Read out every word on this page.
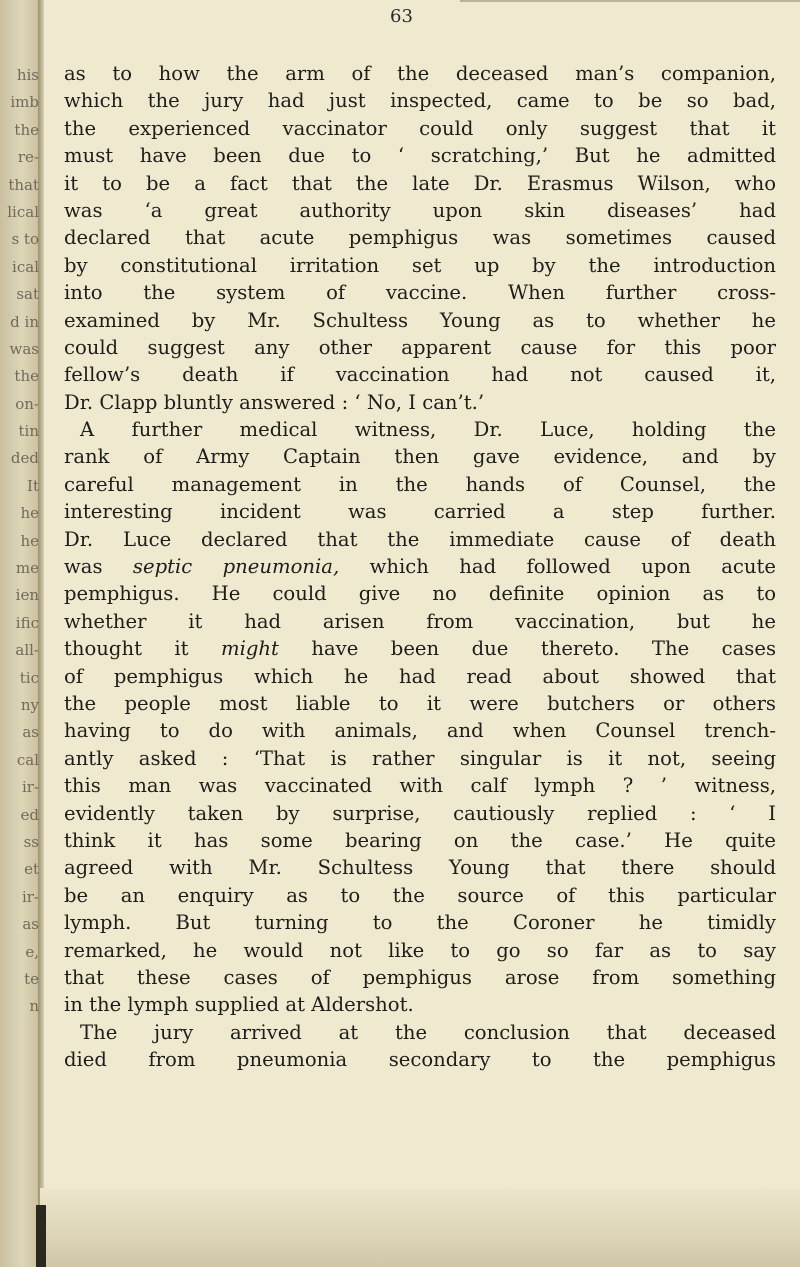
his
imb
the
re-
that
lical
s to
ical
sat
d in
was
the
on-
tin
ded
It
he
he
me
ien
ific
all-
tic
ny
as
cal
ir-
ed
ss
et
ir-
as
e,
te
n
63
as to how the arm of the deceased man’s companion,
which the jury had just inspected, came to be so bad,
the experienced vaccinator could only suggest that it
must have been due to ‘ scratching,’ But he admitted
it to be a fact that the late Dr. Erasmus Wilson, who
was ‘a great authority upon skin diseases’ had
declared that acute pemphigus was sometimes caused
by constitutional irritation set up by the introduction
into the system of vaccine. When further cross-
examined by Mr. Schultess Young as to whether he
could suggest any other apparent cause for this poor
fellow’s death if vaccination had not caused it,
Dr. Clapp bluntly answered : ‘ No, I can’t.’
A further medical witness, Dr. Luce, holding the
rank of Army Captain then gave evidence, and by
careful management in the hands of Counsel, the
interesting incident was carried a step further.
Dr. Luce declared that the immediate cause of death
was septic pneumonia, which had followed upon acute
pemphigus. He could give no definite opinion as to
whether it had arisen from vaccination, but he
thought it might have been due thereto. The cases
of pemphigus which he had read about showed that
the people most liable to it were butchers or others
having to do with animals, and when Counsel trench-
antly asked : ‘That is rather singular is it not, seeing
this man was vaccinated with calf lymph ? ’ witness,
evidently taken by surprise, cautiously replied : ‘ I
think it has some bearing on the case.’ He quite
agreed with Mr. Schultess Young that there should
be an enquiry as to the source of this particular
lymph. But turning to the Coroner he timidly
remarked, he would not like to go so far as to say
that these cases of pemphigus arose from something
in the lymph supplied at Aldershot.
The jury arrived at the conclusion that deceased
died from pneumonia secondary to the pemphigus
